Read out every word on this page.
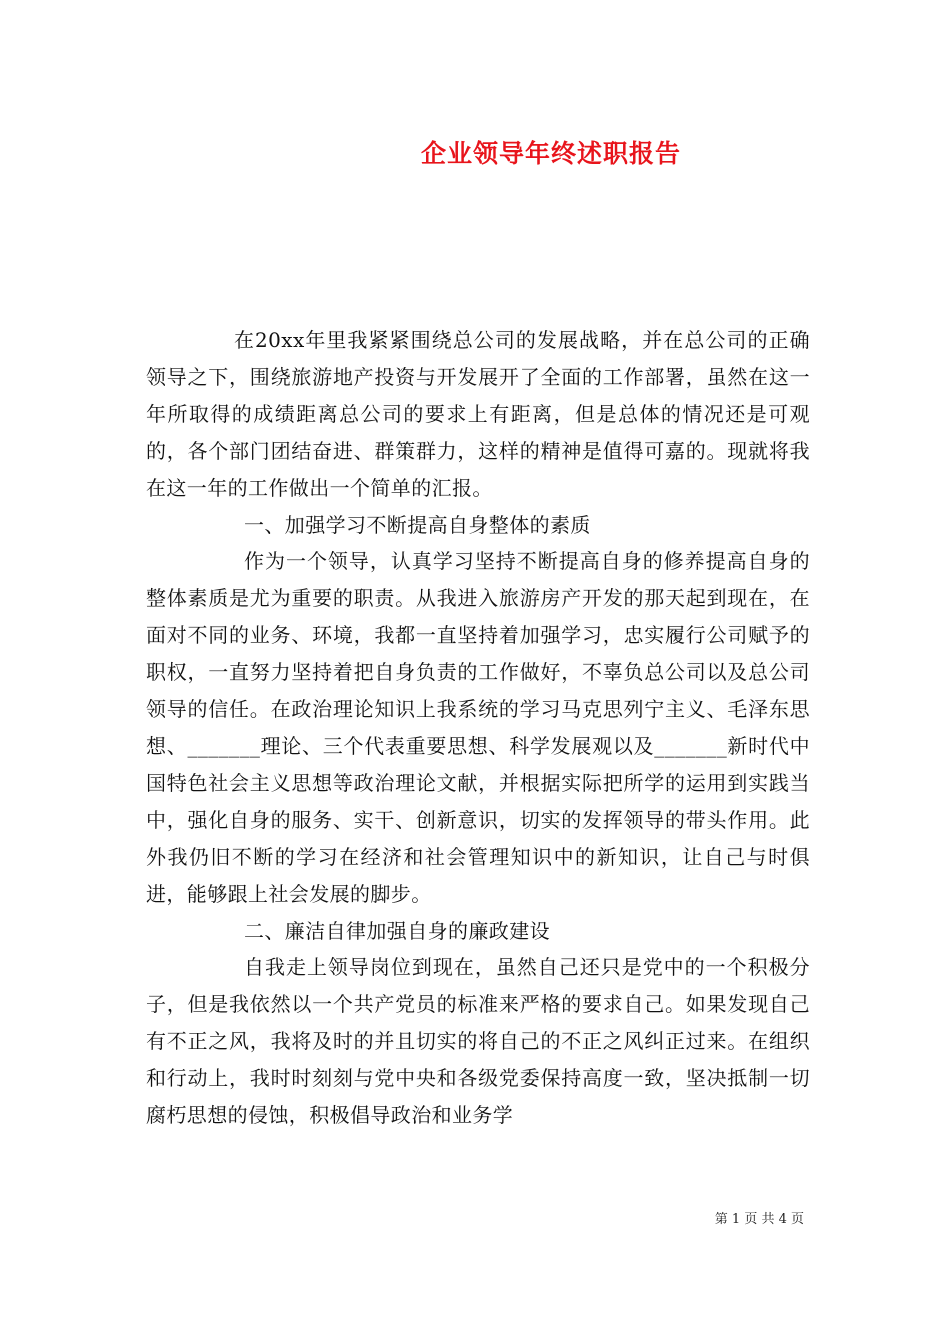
企业领导年终述职报告

在20xx年里我紧紧围绕总公司的发展战略，并在总公司的正确领导之下，围绕旅游地产投资与开发展开了全面的工作部署，虽然在这一年所取得的成绩距离总公司的要求上有距离，但是总体的情况还是可观的，各个部门团结奋进、群策群力，这样的精神是值得可嘉的。现就将我在这一年的工作做出一个简单的汇报。

一、加强学习不断提高自身整体的素质

作为一个领导，认真学习坚持不断提高自身的修养提高自身的整体素质是尤为重要的职责。从我进入旅游房产开发的那天起到现在，在面对不同的业务、环境，我都一直坚持着加强学习，忠实履行公司赋予的职权，一直努力坚持着把自身负责的工作做好，不辜负总公司以及总公司领导的信任。在政治理论知识上我系统的学习马克思列宁主义、毛泽东思想、_______理论、三个代表重要思想、科学发展观以及_______新时代中国特色社会主义思想等政治理论文献，并根据实际把所学的运用到实践当中，强化自身的服务、实干、创新意识，切实的发挥领导的带头作用。此外我仍旧不断的学习在经济和社会管理知识中的新知识，让自己与时俱进，能够跟上社会发展的脚步。

二、廉洁自律加强自身的廉政建设

自我走上领导岗位到现在，虽然自己还只是党中的一个积极分子，但是我依然以一个共产党员的标准来严格的要求自己。如果发现自己有不正之风，我将及时的并且切实的将自己的不正之风纠正过来。在组织和行动上，我时时刻刻与党中央和各级党委保持高度一致，坚决抵制一切腐朽思想的侵蚀，积极倡导政治和业务学

第 1 页 共 4 页
